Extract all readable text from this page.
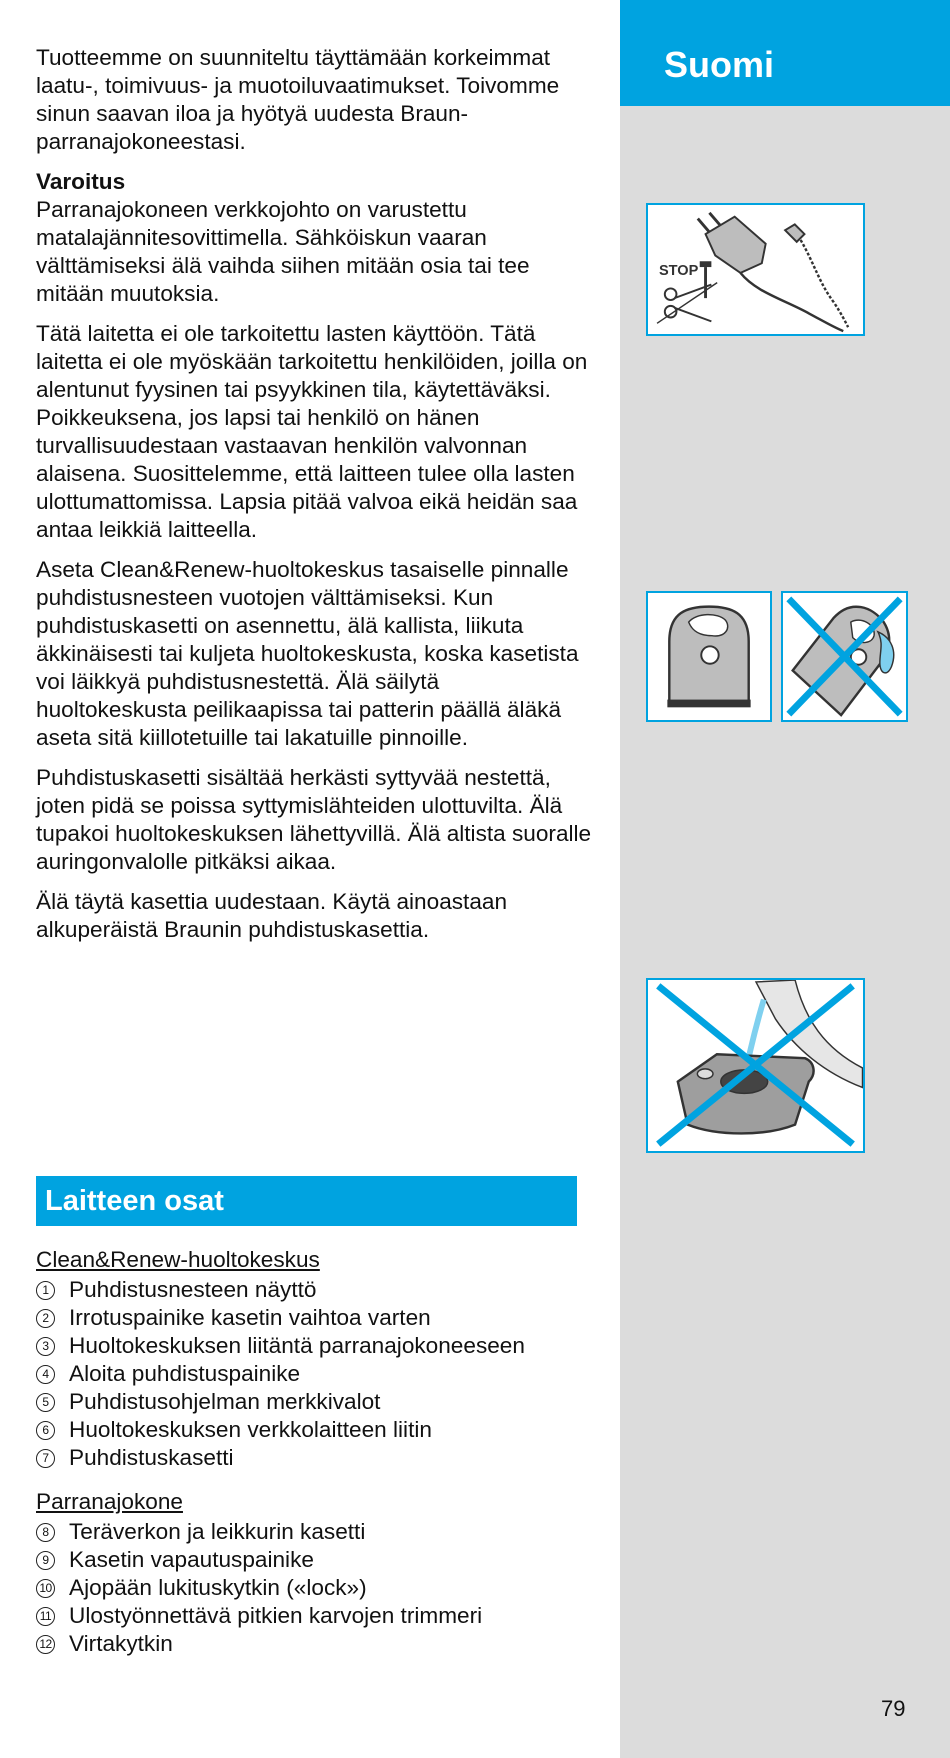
Suomi

Tuotteemme on suunniteltu täyttämään korkeimmat laatu-, toimivuus- ja muotoiluvaatimukset. Toivomme sinun saavan iloa ja hyötyä uudesta Braun-parranajokoneestasi.

Varoitus
Parranajokoneen verkkojohto on varustettu matalajännitesovittimella. Sähköiskun vaaran välttämiseksi älä vaihda siihen mitään osia tai tee mitään muutoksia.

Tätä laitetta ei ole tarkoitettu lasten käyttöön. Tätä laitetta ei ole myöskään tarkoitettu henkilöiden, joilla on alentunut fyysinen tai psyykkinen tila, käytettäväksi. Poikkeuksena, jos lapsi tai henkilö on hänen turvallisuudestaan vastaavan henkilön valvonnan alaisena. Suosittelemme, että laitteen tulee olla lasten ulottumattomissa. Lapsia pitää valvoa eikä heidän saa antaa leikkiä laitteella.

Aseta Clean&Renew-huoltokeskus tasaiselle pinnalle puhdistusnesteen vuotojen välttämiseksi. Kun puhdistuskasetti on asennettu, älä kallista, liikuta äkkinäisesti tai kuljeta huoltokeskusta, koska kasetista voi läikkyä puhdistusnestettä. Älä säilytä huoltokeskusta peilikaapissa tai patterin päällä äläkä aseta sitä kiillotetuille tai lakatuille pinnoille.

Puhdistuskasetti sisältää herkästi syttyvää nestettä, joten pidä se poissa syttymislähteiden ulottuvilta. Älä tupakoi huoltokeskuksen lähettyvillä. Älä altista suoralle auringonvalolle pitkäksi aikaa.

Älä täytä kasettia uudestaan. Käytä ainoastaan alkuperäistä Braunin puhdistuskasettia.

Laitteen osat
Clean&Renew-huoltokeskus
1 Puhdistusnesteen näyttö
2 Irrotuspainike kasetin vaihtoa varten
3 Huoltokeskuksen liitäntä parranajokoneeseen
4 Aloita puhdistuspainike
5 Puhdistusohjelman merkkivalot
6 Huoltokeskuksen verkkolaitteen liitin
7 Puhdistuskasetti
Parranajokone
8 Teräverkon ja leikkurin kasetti
9 Kasetin vapautuspainike
10 Ajopään lukituskytkin («lock»)
11 Ulostyönnettävä pitkien karvojen trimmeri
12 Virtakytkin
STOP

79
